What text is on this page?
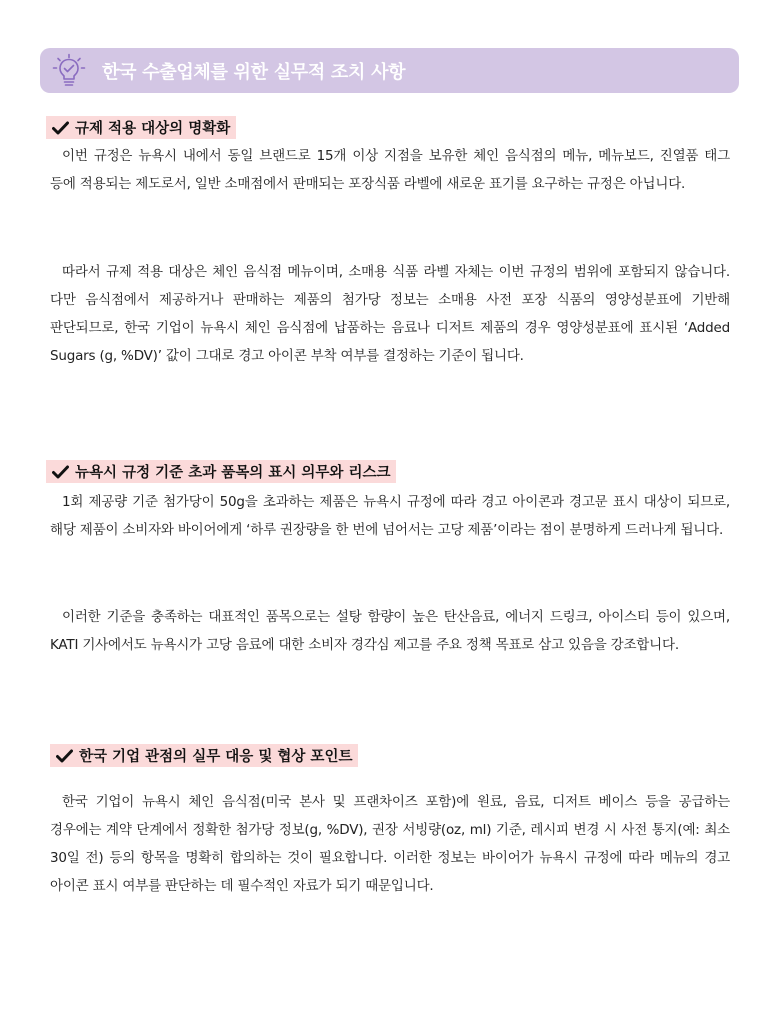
한국 수출업체를 위한 실무적 조치 사항
규제 적용 대상의 명확화

이번 규정은 뉴욕시 내에서 동일 브랜드로 15개 이상 지점을 보유한 체인 음식점의 메뉴, 메뉴보드, 진열품 태그 등에 적용되는 제도로서, 일반 소매점에서 판매되는 포장식품 라벨에 새로운 표기를 요구하는 규정은 아닙니다.

따라서 규제 적용 대상은 체인 음식점 메뉴이며, 소매용 식품 라벨 자체는 이번 규정의 범위에 포함되지 않습니다. 다만 음식점에서 제공하거나 판매하는 제품의 첨가당 정보는 소매용 사전 포장 식품의 영양성분표에 기반해 판단되므로, 한국 기업이 뉴욕시 체인 음식점에 납품하는 음료나 디저트 제품의 경우 영양성분표에 표시된 ‘Added Sugars (g, %DV)’ 값이 그대로 경고 아이콘 부착 여부를 결정하는 기준이 됩니다.

뉴욕시 규정 기준 초과 품목의 표시 의무와 리스크

1회 제공량 기준 첨가당이 50g을 초과하는 제품은 뉴욕시 규정에 따라 경고 아이콘과 경고문 표시 대상이 되므로, 해당 제품이 소비자와 바이어에게 ‘하루 권장량을 한 번에 넘어서는 고당 제품’이라는 점이 분명하게 드러나게 됩니다.

이러한 기준을 충족하는 대표적인 품목으로는 설탕 함량이 높은 탄산음료, 에너지 드링크, 아이스티 등이 있으며, KATI 기사에서도 뉴욕시가 고당 음료에 대한 소비자 경각심 제고를 주요 정책 목표로 삼고 있음을 강조합니다.

한국 기업 관점의 실무 대응 및 협상 포인트

한국 기업이 뉴욕시 체인 음식점(미국 본사 및 프랜차이즈 포함)에 원료, 음료, 디저트 베이스 등을 공급하는 경우에는 계약 단계에서 정확한 첨가당 정보(g, %DV), 권장 서빙량(oz, ml) 기준, 레시피 변경 시 사전 통지(예: 최소 30일 전) 등의 항목을 명확히 합의하는 것이 필요합니다. 이러한 정보는 바이어가 뉴욕시 규정에 따라 메뉴의 경고 아이콘 표시 여부를 판단하는 데 필수적인 자료가 되기 때문입니다.
